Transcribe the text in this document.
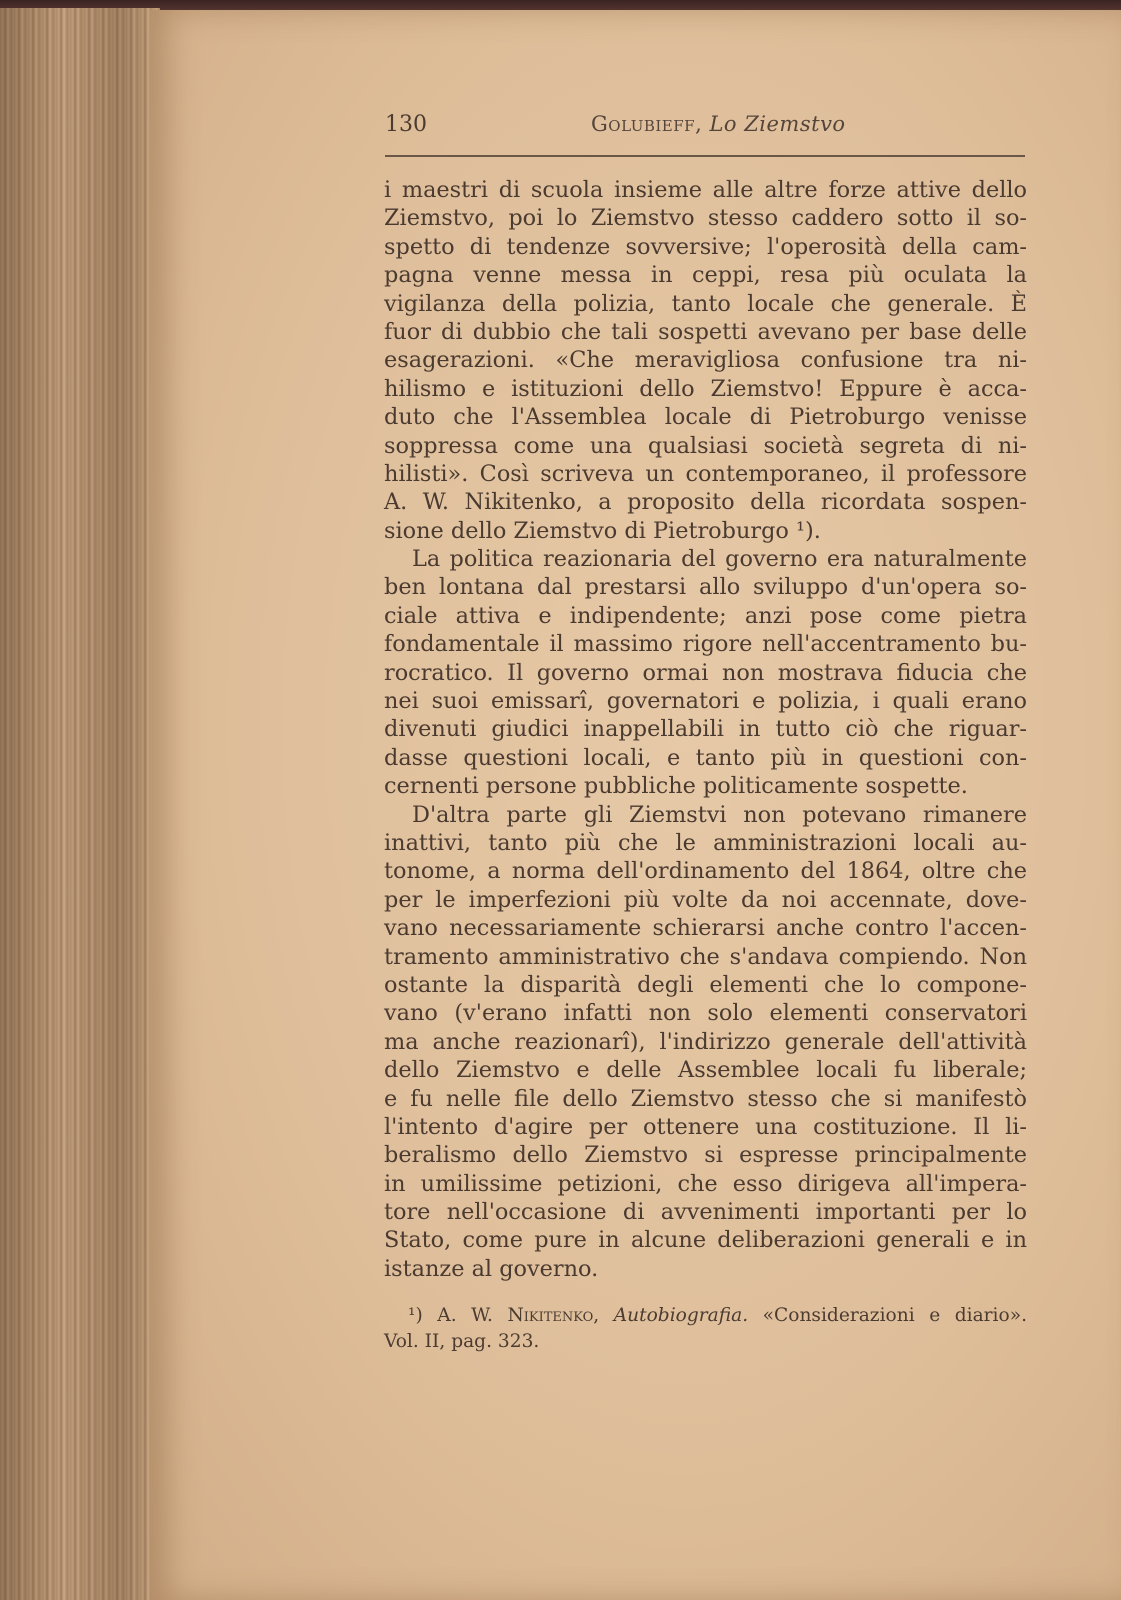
130	Golubieff, Lo Ziemstvo
i maestri di scuola insieme alle altre forze attive dello
Ziemstvo, poi lo Ziemstvo stesso caddero sotto il so-
spetto di tendenze sovversive; l'operosità della cam-
pagna venne messa in ceppi, resa più oculata la
vigilanza della polizia, tanto locale che generale. È
fuor di dubbio che tali sospetti avevano per base delle
esagerazioni. «Che meravigliosa confusione tra ni-
hilismo e istituzioni dello Ziemstvo! Eppure è acca-
duto che l'Assemblea locale di Pietroburgo venisse
soppressa come una qualsiasi società segreta di ni-
hilisti». Così scriveva un contemporaneo, il professore
A. W. Nikitenko, a proposito della ricordata sospen-
sione dello Ziemstvo di Pietroburgo ¹).
La politica reazionaria del governo era naturalmente
ben lontana dal prestarsi allo sviluppo d'un'opera so-
ciale attiva e indipendente; anzi pose come pietra
fondamentale il massimo rigore nell'accentramento bu-
rocratico. Il governo ormai non mostrava fiducia che
nei suoi emissarî, governatori e polizia, i quali erano
divenuti giudici inappellabili in tutto ciò che riguar-
dasse questioni locali, e tanto più in questioni con-
cernenti persone pubbliche politicamente sospette.
D'altra parte gli Ziemstvi non potevano rimanere
inattivi, tanto più che le amministrazioni locali au-
tonome, a norma dell'ordinamento del 1864, oltre che
per le imperfezioni più volte da noi accennate, dove-
vano necessariamente schierarsi anche contro l'accen-
tramento amministrativo che s'andava compiendo. Non
ostante la disparità degli elementi che lo compone-
vano (v'erano infatti non solo elementi conservatori
ma anche reazionarî), l'indirizzo generale dell'attività
dello Ziemstvo e delle Assemblee locali fu liberale;
e fu nelle file dello Ziemstvo stesso che si manifestò
l'intento d'agire per ottenere una costituzione. Il li-
beralismo dello Ziemstvo si espresse principalmente
in umilissime petizioni, che esso dirigeva all'impera-
tore nell'occasione di avvenimenti importanti per lo
Stato, come pure in alcune deliberazioni generali e in
istanze al governo.
¹) A. W. Nikitenko, Autobiografia. «Considerazioni e diario».
Vol. II, pag. 323.
